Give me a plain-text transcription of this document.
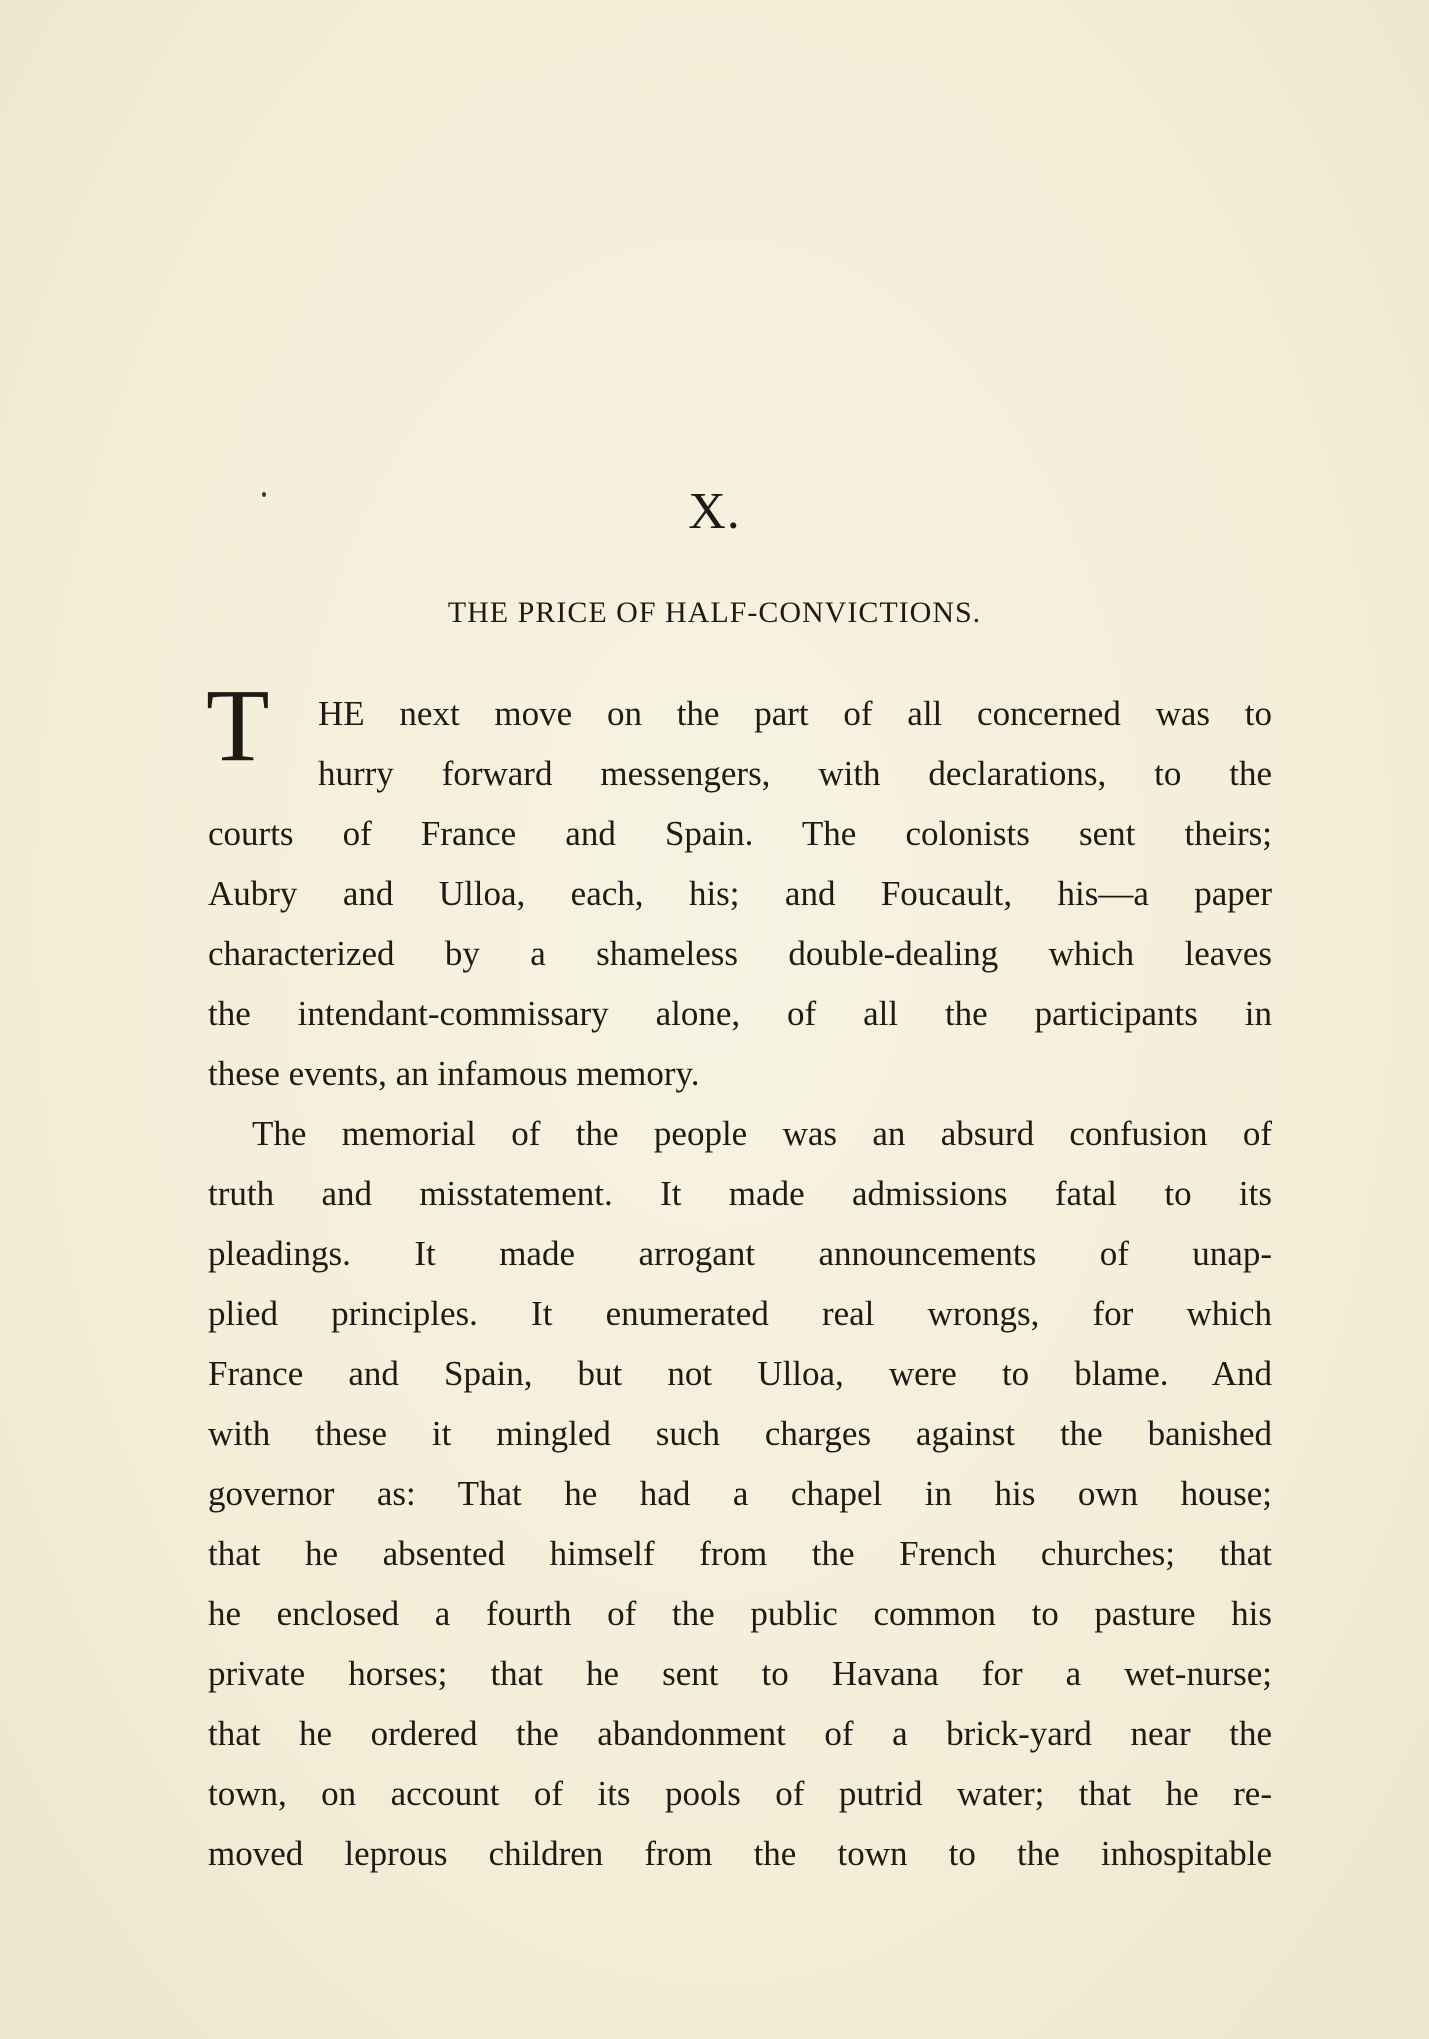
X.
THE PRICE OF HALF-CONVICTIONS.
T HE next move on the part of all concerned was to

hurry forward messengers, with declarations, to the

courts of France and Spain. The colonists sent theirs;

Aubry and Ulloa, each, his; and Foucault, his—a paper

characterized by a shameless double-dealing which leaves

the intendant-commissary alone, of all the participants in

these events, an infamous memory.

The memorial of the people was an absurd confusion of

truth and misstatement. It made admissions fatal to its

pleadings. It made arrogant announcements of unap-

plied principles. It enumerated real wrongs, for which

France and Spain, but not Ulloa, were to blame. And

with these it mingled such charges against the banished

governor as: That he had a chapel in his own house;

that he absented himself from the French churches; that

he enclosed a fourth of the public common to pasture his

private horses; that he sent to Havana for a wet-nurse;

that he ordered the abandonment of a brick-yard near the

town, on account of its pools of putrid water; that he re-

moved leprous children from the town to the inhospitable
